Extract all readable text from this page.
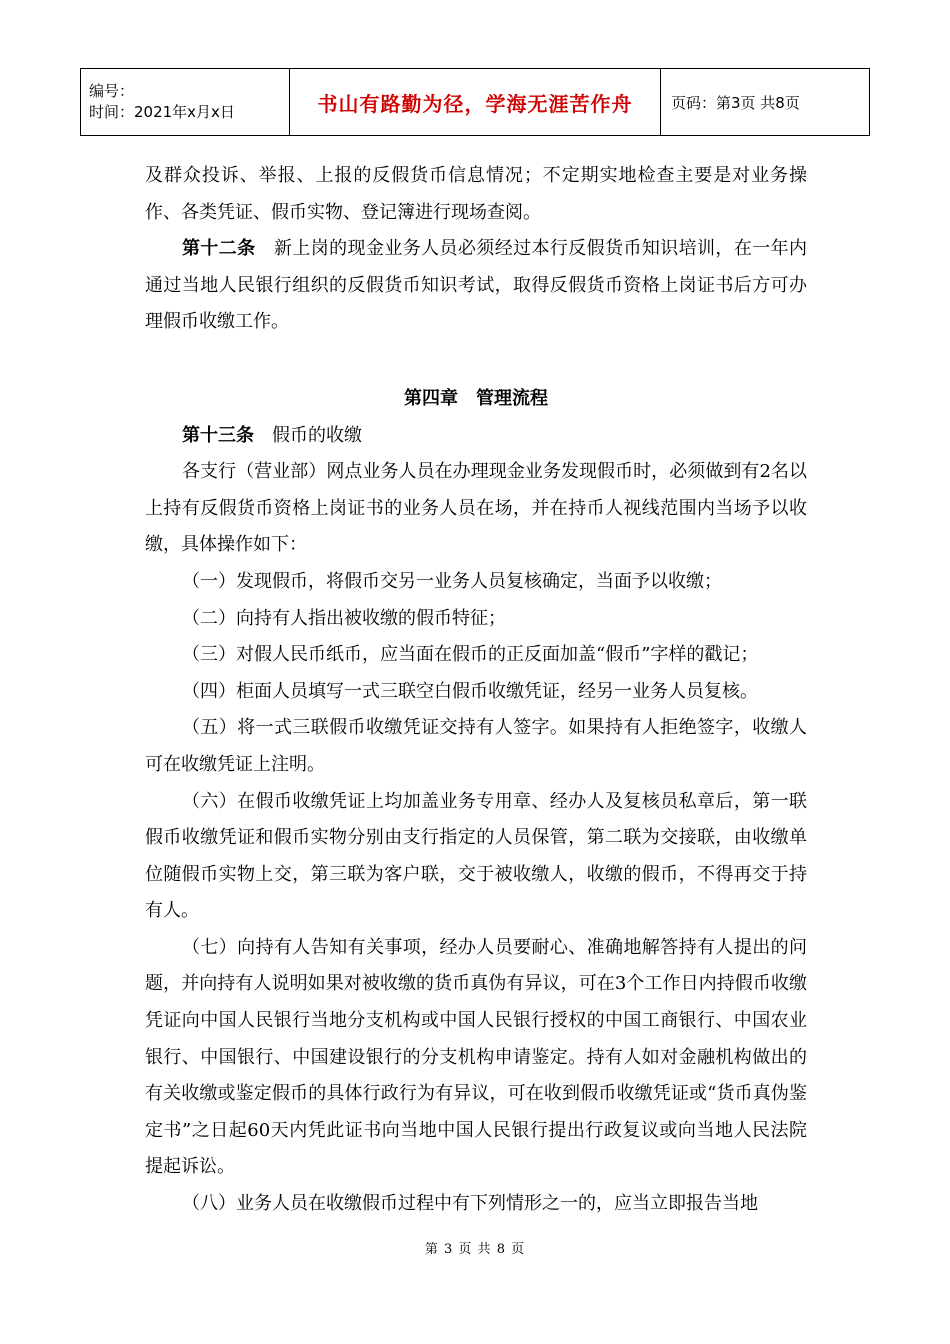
编号：
时间：2021年x月x日	书山有路勤为径，学海无涯苦作舟	页码：第3页 共8页

及群众投诉、举报、上报的反假货币信息情况；不定期实地检查主要是对业务操作、各类凭证、假币实物、登记簿进行现场查阅。

第十二条　新上岗的现金业务人员必须经过本行反假货币知识培训，在一年内通过当地人民银行组织的反假货币知识考试，取得反假货币资格上岗证书后方可办理假币收缴工作。

第四章　管理流程

第十三条　假币的收缴

各支行（营业部）网点业务人员在办理现金业务发现假币时，必须做到有2名以上持有反假货币资格上岗证书的业务人员在场，并在持币人视线范围内当场予以收缴，具体操作如下：

（一）发现假币，将假币交另一业务人员复核确定，当面予以收缴；

（二）向持有人指出被收缴的假币特征；

（三）对假人民币纸币，应当面在假币的正反面加盖“假币”字样的戳记；

（四）柜面人员填写一式三联空白假币收缴凭证，经另一业务人员复核。

（五）将一式三联假币收缴凭证交持有人签字。如果持有人拒绝签字，收缴人可在收缴凭证上注明。

（六）在假币收缴凭证上均加盖业务专用章、经办人及复核员私章后，第一联假币收缴凭证和假币实物分别由支行指定的人员保管，第二联为交接联，由收缴单位随假币实物上交，第三联为客户联，交于被收缴人，收缴的假币，不得再交于持有人。

（七）向持有人告知有关事项，经办人员要耐心、准确地解答持有人提出的问题，并向持有人说明如果对被收缴的货币真伪有异议，可在3个工作日内持假币收缴凭证向中国人民银行当地分支机构或中国人民银行授权的中国工商银行、中国农业银行、中国银行、中国建设银行的分支机构申请鉴定。持有人如对金融机构做出的有关收缴或鉴定假币的具体行政行为有异议，可在收到假币收缴凭证或“货币真伪鉴定书”之日起60天内凭此证书向当地中国人民银行提出行政复议或向当地人民法院提起诉讼。

（八）业务人员在收缴假币过程中有下列情形之一的，应当立即报告当地

第 3 页 共 8 页
